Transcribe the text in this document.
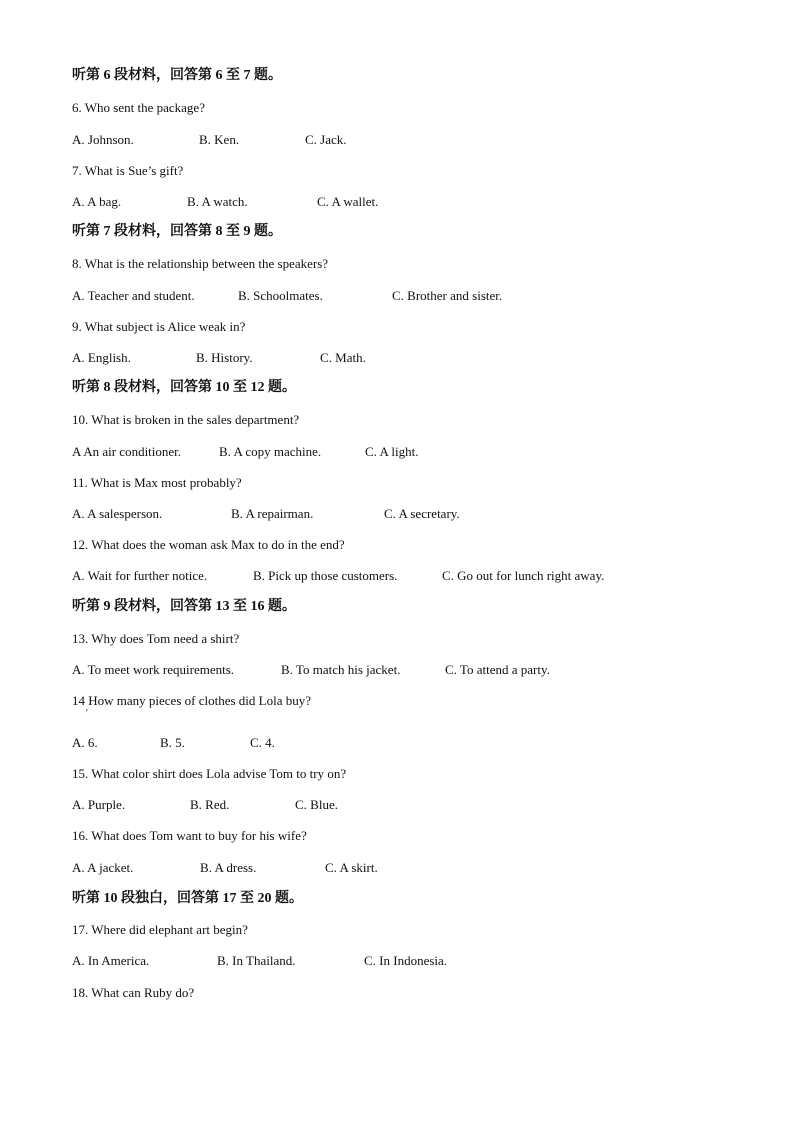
听第 6 段材料，回答第 6 至 7 题。
6. Who sent the package?
A. Johnson.	B. Ken.	C. Jack.
7. What is Sue’s gift?
A. A bag.	B. A watch.	C. A wallet.
听第 7 段材料，回答第 8 至 9 题。
8. What is the relationship between the speakers?
A. Teacher and student.	B. Schoolmates.	C. Brother and sister.
9. What subject is Alice weak in?
A. English.	B. History.	C. Math.
听第 8 段材料，回答第 10 至 12 题。
10. What is broken in the sales department?
A An air conditioner.	B. A copy machine.	C. A light.
11. What is Max most probably?
A. A salesperson.	B. A repairman.	C. A secretary.
12. What does the woman ask Max to do in the end?
A. Wait for further notice.	B. Pick up those customers.	C. Go out for lunch right away.
听第 9 段材料，回答第 13 至 16 题。
13. Why does Tom need a shirt?
A. To meet work requirements.	B. To match his jacket.	C. To attend a party.
14 How many pieces of clothes did Lola buy?
'
A. 6.	B. 5.	C. 4.
15. What color shirt does Lola advise Tom to try on?
A. Purple.	B. Red.	C. Blue.
16. What does Tom want to buy for his wife?
A. A jacket.	B. A dress.	C. A skirt.
听第 10 段独白，回答第 17 至 20 题。
17. Where did elephant art begin?
A. In America.	B. In Thailand.	C. In Indonesia.
18. What can Ruby do?
